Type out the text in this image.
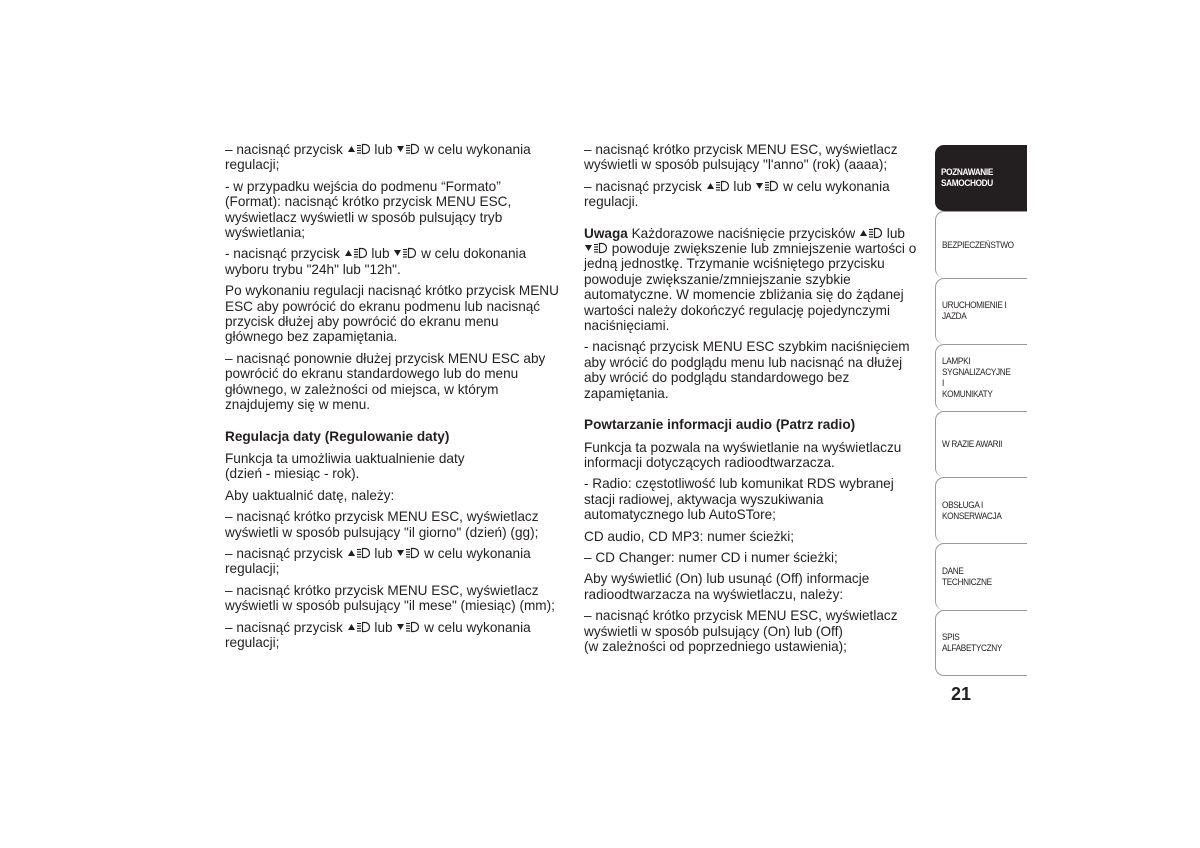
– nacisnąć przycisk
lub
w celu wykonania regulacji;

- w przypadku wejścia do podmenu “Formato” (Format): nacisnąć krótko przycisk MENU ESC, wyświetlacz wyświetli w sposób pulsujący tryb wyświetlania;

- nacisnąć przycisk
lub
w celu dokonania wyboru trybu "24h" lub "12h".

Po wykonaniu regulacji nacisnąć krótko przycisk MENU ESC aby powrócić do ekranu podmenu lub nacisnąć przycisk dłużej aby powrócić do ekranu menu głównego bez zapamiętania.

– nacisnąć ponownie dłużej przycisk MENU ESC aby powrócić do ekranu standardowego lub do menu głównego, w zależności od miejsca, w którym znajdujemy się w menu.

Regulacja daty (Regulowanie daty)

Funkcja ta umożliwia uaktualnienie daty
(dzień - miesiąc - rok).

Aby uaktualnić datę, należy:

– nacisnąć krótko przycisk MENU ESC, wyświetlacz wyświetli w sposób pulsujący "il giorno" (dzień) (gg);

– nacisnąć przycisk
lub
w celu wykonania regulacji;

– nacisnąć krótko przycisk MENU ESC, wyświetlacz wyświetli w sposób pulsujący "il mese" (miesiąc) (mm);

– nacisnąć przycisk
lub
w celu wykonania regulacji;

– nacisnąć krótko przycisk MENU ESC, wyświetlacz wyświetli w sposób pulsujący "l'anno" (rok) (aaaa);

– nacisnąć przycisk
lub
w celu wykonania regulacji.

Uwaga Każdorazowe naciśnięcie przycisków
lub

powoduje zwiększenie lub zmniejszenie wartości o jedną jednostkę. Trzymanie wciśniętego przycisku powoduje zwiększanie/zmniejszanie szybkie automatyczne. W momencie zbliżania się do żądanej wartości należy dokończyć regulację pojedynczymi naciśnięciami.

- nacisnąć przycisk MENU ESC szybkim naciśnięciem aby wrócić do podglądu menu lub nacisnąć na dłużej aby wrócić do podglądu standardowego bez zapamiętania.

Powtarzanie informacji audio (Patrz radio)

Funkcja ta pozwala na wyświetlanie na wyświetlaczu informacji dotyczących radioodtwarzacza.

- Radio: częstotliwość lub komunikat RDS wybranej stacji radiowej, aktywacja wyszukiwania automatycznego lub AutoSTore;

CD audio, CD MP3: numer ścieżki;

– CD Changer: numer CD i numer ścieżki;

Aby wyświetlić (On) lub usunąć (Off) informacje radioodtwarzacza na wyświetlaczu, należy:

– nacisnąć krótko przycisk MENU ESC, wyświetlacz wyświetli w sposób pulsujący (On) lub (Off)
(w zależności od poprzedniego ustawienia);

POZNAWANIE
SAMOCHODU
BEZPIECZEŃSTWO
URUCHOMIENIE I
JAZDA
LAMPKI
SYGNALIZACYJNE I
KOMUNIKATY
W RAZIE AWARII
OBSŁUGA I
KONSERWACJA
DANE TECHNICZNE
SPIS ALFABETYCZNY
21
